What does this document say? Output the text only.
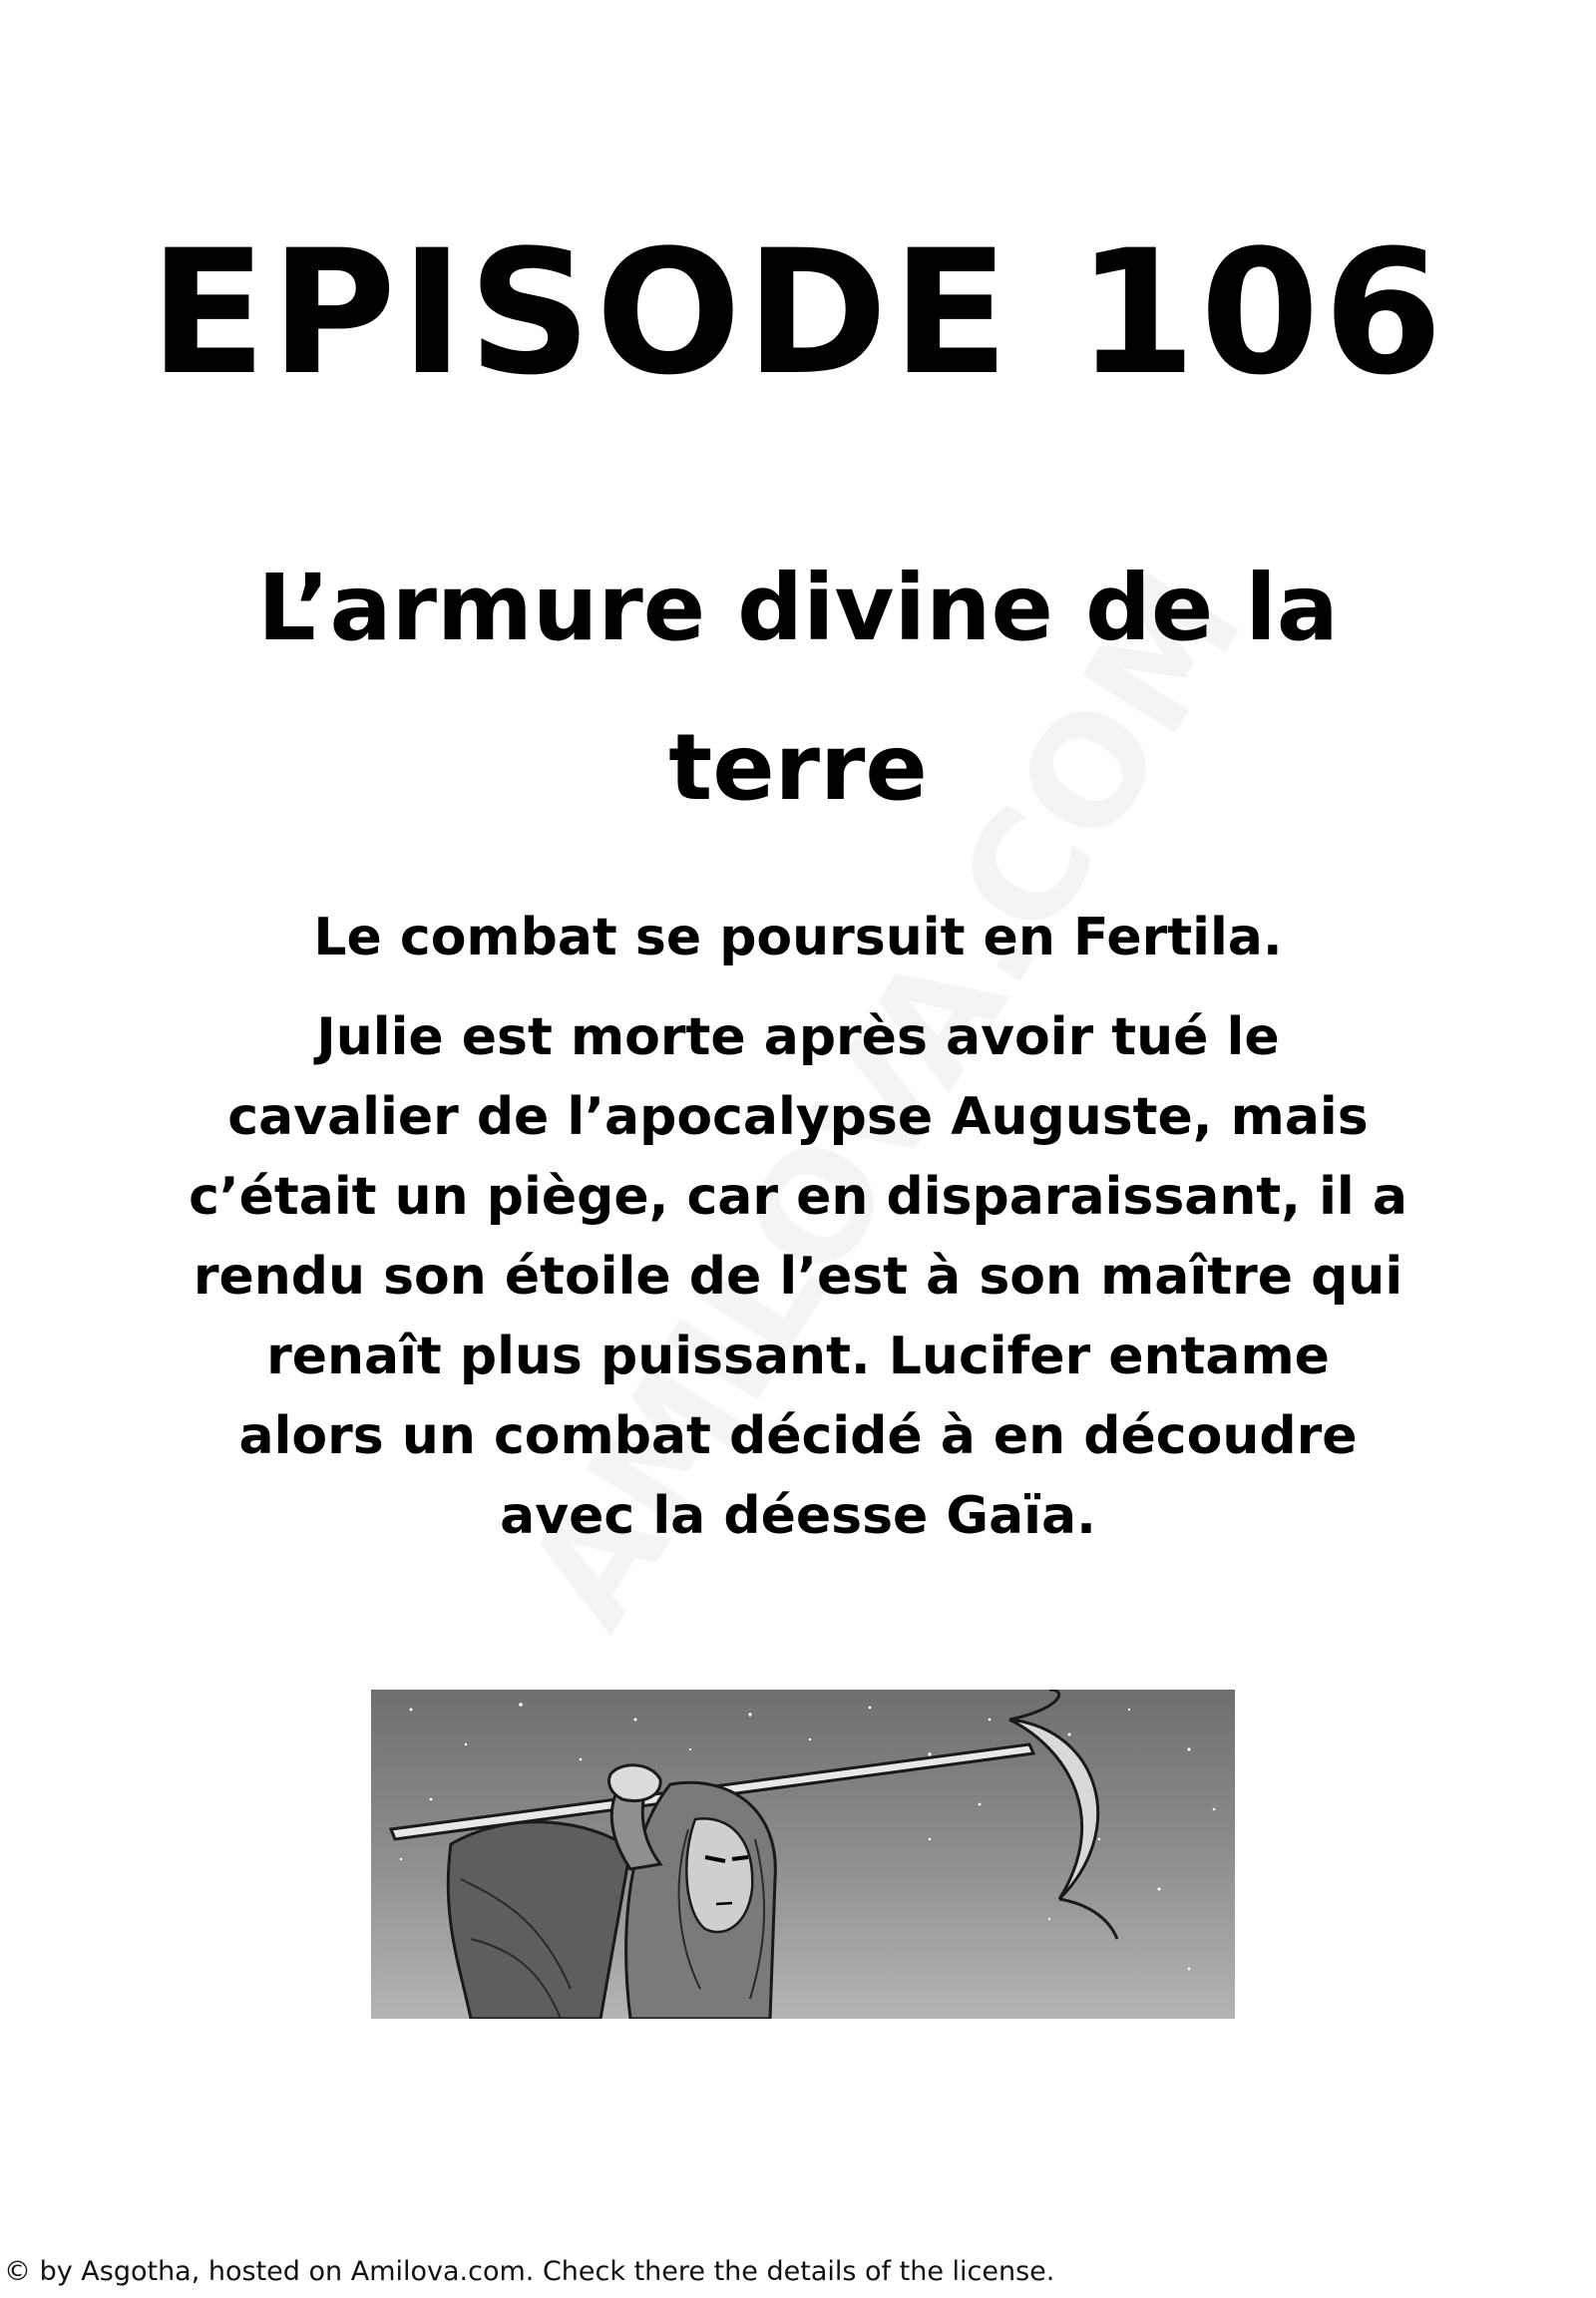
EPISODE 106
L’armure divine de la
terre

Le combat se poursuit en Fertila.

Julie est morte après avoir tué le
cavalier de l’apocalypse Auguste, mais
c’était un piège, car en disparaissant, il a
rendu son étoile de l’est à son maître qui
renaît plus puissant. Lucifer entame
alors un combat décidé à en découdre
avec la déesse Gaïa.

© by Asgotha, hosted on Amilova.com. Check there the details of the license.
